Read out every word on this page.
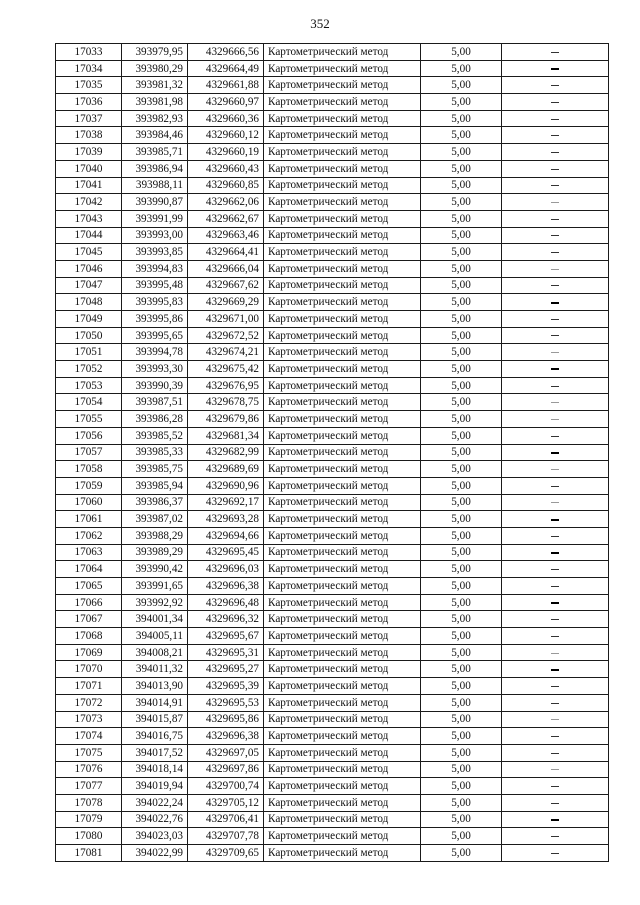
352
17033	393979,95	4329666,56	Картометрический метод	5,00	
17034	393980,29	4329664,49	Картометрический метод	5,00	
17035	393981,32	4329661,88	Картометрический метод	5,00	
17036	393981,98	4329660,97	Картометрический метод	5,00	
17037	393982,93	4329660,36	Картометрический метод	5,00	
17038	393984,46	4329660,12	Картометрический метод	5,00	
17039	393985,71	4329660,19	Картометрический метод	5,00	
17040	393986,94	4329660,43	Картометрический метод	5,00	
17041	393988,11	4329660,85	Картометрический метод	5,00	
17042	393990,87	4329662,06	Картометрический метод	5,00	
17043	393991,99	4329662,67	Картометрический метод	5,00	
17044	393993,00	4329663,46	Картометрический метод	5,00	
17045	393993,85	4329664,41	Картометрический метод	5,00	
17046	393994,83	4329666,04	Картометрический метод	5,00	
17047	393995,48	4329667,62	Картометрический метод	5,00	
17048	393995,83	4329669,29	Картометрический метод	5,00	
17049	393995,86	4329671,00	Картометрический метод	5,00	
17050	393995,65	4329672,52	Картометрический метод	5,00	
17051	393994,78	4329674,21	Картометрический метод	5,00	
17052	393993,30	4329675,42	Картометрический метод	5,00	
17053	393990,39	4329676,95	Картометрический метод	5,00	
17054	393987,51	4329678,75	Картометрический метод	5,00	
17055	393986,28	4329679,86	Картометрический метод	5,00	
17056	393985,52	4329681,34	Картометрический метод	5,00	
17057	393985,33	4329682,99	Картометрический метод	5,00	
17058	393985,75	4329689,69	Картометрический метод	5,00	
17059	393985,94	4329690,96	Картометрический метод	5,00	
17060	393986,37	4329692,17	Картометрический метод	5,00	
17061	393987,02	4329693,28	Картометрический метод	5,00	
17062	393988,29	4329694,66	Картометрический метод	5,00	
17063	393989,29	4329695,45	Картометрический метод	5,00	
17064	393990,42	4329696,03	Картометрический метод	5,00	
17065	393991,65	4329696,38	Картометрический метод	5,00	
17066	393992,92	4329696,48	Картометрический метод	5,00	
17067	394001,34	4329696,32	Картометрический метод	5,00	
17068	394005,11	4329695,67	Картометрический метод	5,00	
17069	394008,21	4329695,31	Картометрический метод	5,00	
17070	394011,32	4329695,27	Картометрический метод	5,00	
17071	394013,90	4329695,39	Картометрический метод	5,00	
17072	394014,91	4329695,53	Картометрический метод	5,00	
17073	394015,87	4329695,86	Картометрический метод	5,00	
17074	394016,75	4329696,38	Картометрический метод	5,00	
17075	394017,52	4329697,05	Картометрический метод	5,00	
17076	394018,14	4329697,86	Картометрический метод	5,00	
17077	394019,94	4329700,74	Картометрический метод	5,00	
17078	394022,24	4329705,12	Картометрический метод	5,00	
17079	394022,76	4329706,41	Картометрический метод	5,00	
17080	394023,03	4329707,78	Картометрический метод	5,00	
17081	394022,99	4329709,65	Картометрический метод	5,00	
